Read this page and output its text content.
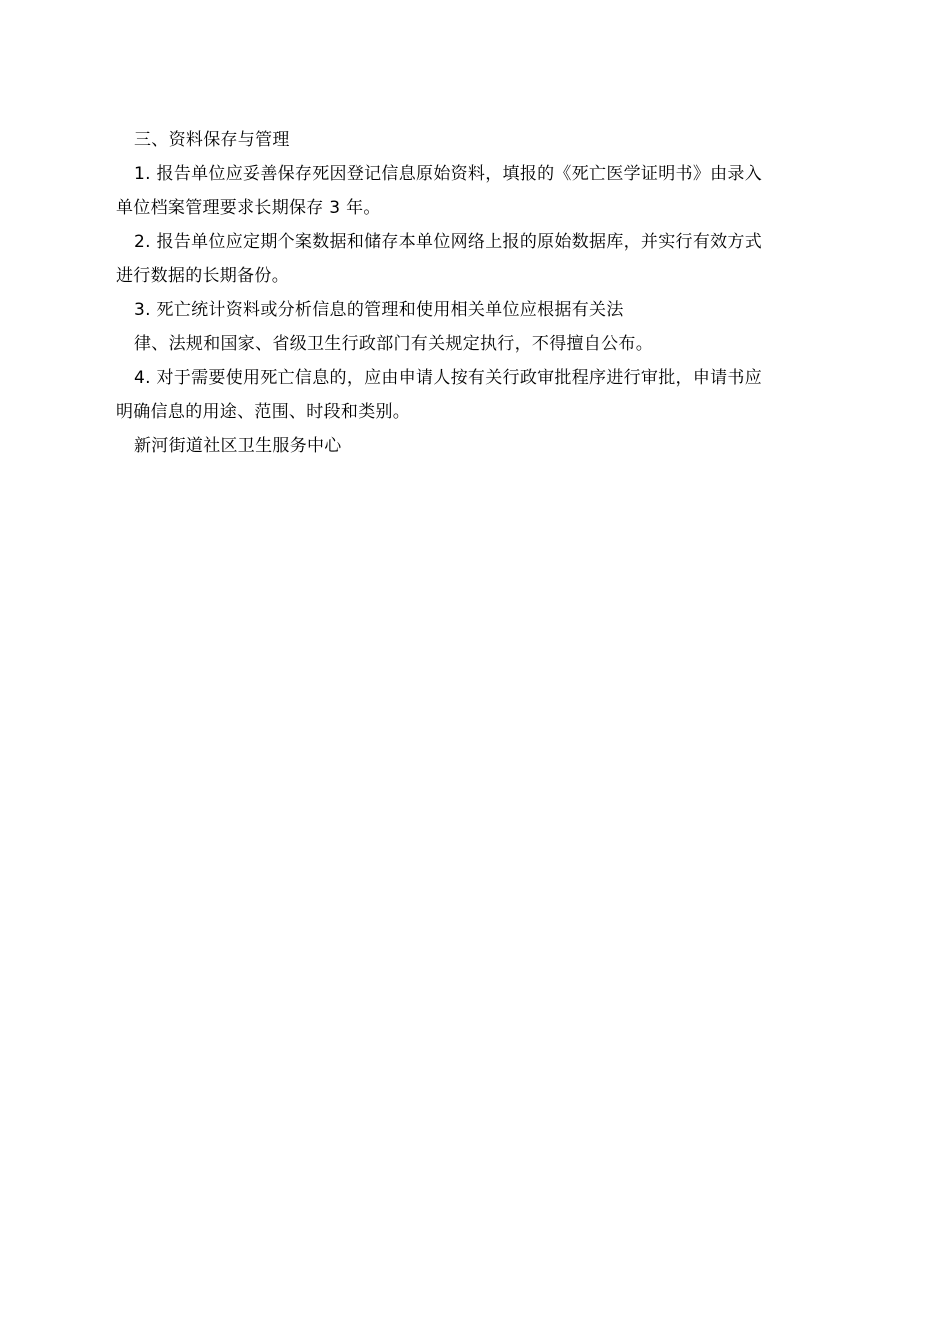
三、资料保存与管理
1. 报告单位应妥善保存死因登记信息原始资料，填报的《死亡医学证明书》由录入
单位档案管理要求长期保存 3 年。
2. 报告单位应定期个案数据和储存本单位网络上报的原始数据库，并实行有效方式
进行数据的长期备份。
3. 死亡统计资料或分析信息的管理和使用相关单位应根据有关法
律、法规和国家、省级卫生行政部门有关规定执行，不得擅自公布。
4. 对于需要使用死亡信息的，应由申请人按有关行政审批程序进行审批，申请书应
明确信息的用途、范围、时段和类别。
新河街道社区卫生服务中心
